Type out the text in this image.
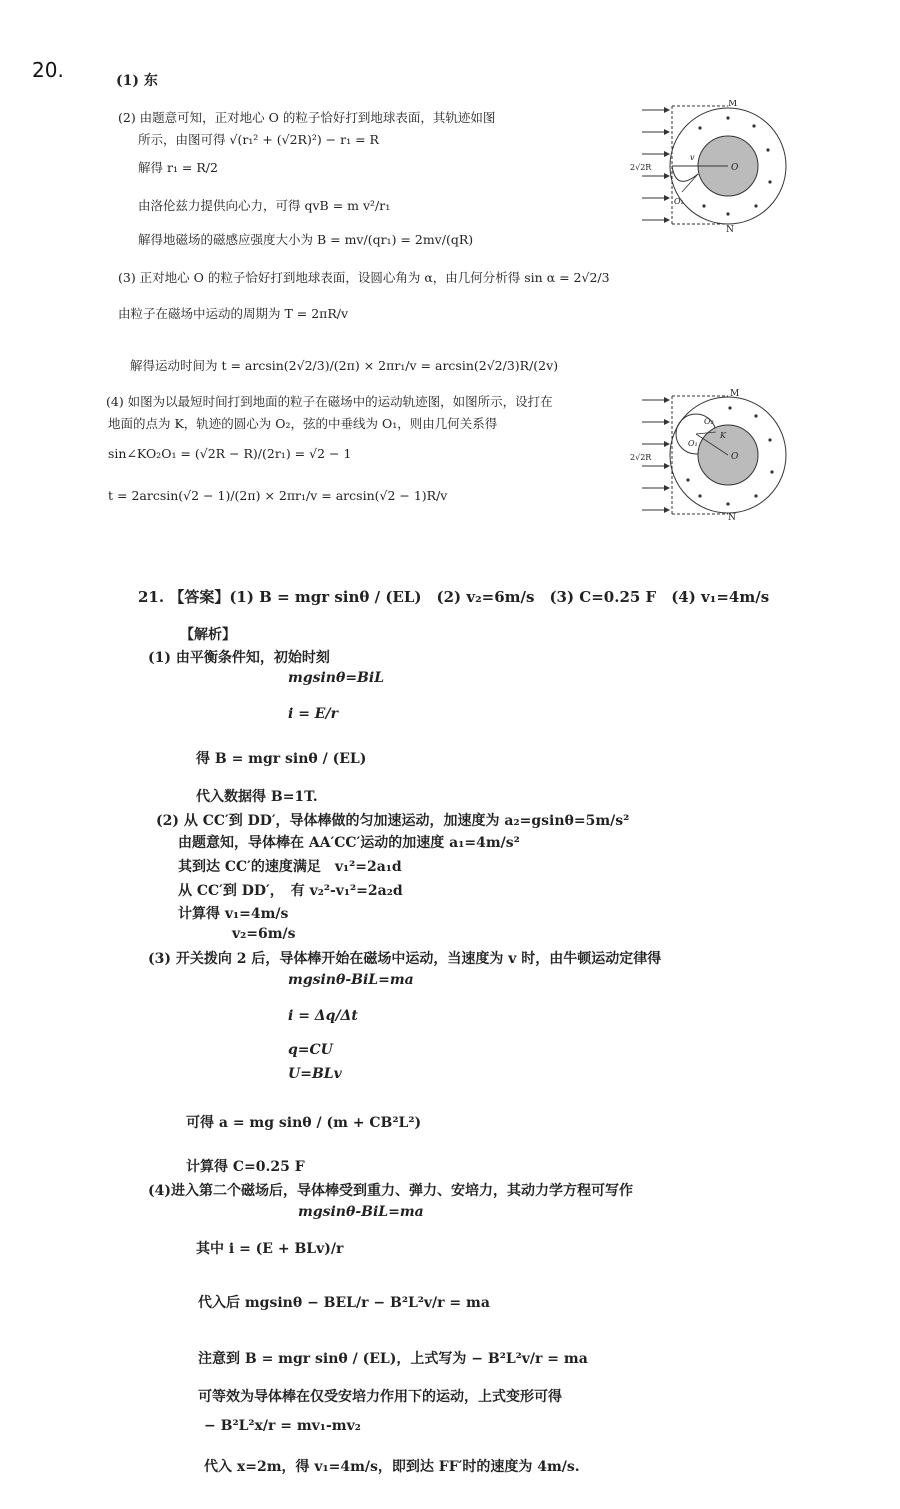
20.	(1) 东
(2) 由题意可知，正对地心 O 的粒子恰好打到地球表面，其轨迹如图
所示，由图可得 √(r₁² + (√2R)²) − r₁ = R
解得 r₁ = R/2
由洛伦兹力提供向心力，可得 qvB = m v²/r₁
解得地磁场的磁感应强度大小为 B = mv/(qr₁) = 2mv/(qR)
(3) 正对地心 O 的粒子恰好打到地球表面，设圆心角为 α，由几何分析得 sin α = 2√2/3
由粒子在磁场中运动的周期为 T = 2πR/v
解得运动时间为 t = arcsin(2√2/3)/(2π) × 2πr₁/v = arcsin(2√2/3)R/(2v)
(4) 如图为以最短时间打到地面的粒子在磁场中的运动轨迹图，如图所示，设打在
地面的点为 K，轨迹的圆心为 O₂，弦的中垂线为 O₁，则由几何关系得
sin∠KO₂O₁ = (√2R − R)/(2r₁) = √2 − 1
t = 2arcsin(√2 − 1)/(2π) × 2πr₁/v = arcsin(√2 − 1)R/v
M
N
O
O₁
v
2√2R
M
N
O
O₁
O₂
K
2√2R
21. 【答案】(1) B = mgr sinθ / (EL)　(2) v₂=6m/s　(3) C=0.25 F　(4) v₁=4m/s
【解析】
(1) 由平衡条件知，初始时刻
mgsinθ=BiL
i = E/r
得 B = mgr sinθ / (EL)
代入数据得 B=1T.
(2) 从 CC′到 DD′，导体棒做的匀加速运动，加速度为 a₂=gsinθ=5m/s²
由题意知，导体棒在 AA′CC′运动的加速度 a₁=4m/s²
其到达 CC′的速度满足　v₁²=2a₁d
从 CC′到 DD′，　有 v₂²-v₁²=2a₂d
计算得 v₁=4m/s
v₂=6m/s
(3) 开关拨向 2 后，导体棒开始在磁场中运动，当速度为 v 时，由牛顿运动定律得
mgsinθ-BiL=ma
i = Δq/Δt
q=CU
U=BLv
可得 a = mg sinθ / (m + CB²L²)
计算得 C=0.25 F
(4)进入第二个磁场后，导体棒受到重力、弹力、安培力，其动力学方程可写作
mgsinθ-BiL=ma
其中 i = (E + BLv)/r
代入后 mgsinθ − BEL/r − B²L²v/r = ma
注意到 B = mgr sinθ / (EL)，上式写为 − B²L²v/r = ma
可等效为导体棒在仅受安培力作用下的运动，上式变形可得
− B²L²x/r = mv₁-mv₂
代入 x=2m，得 v₁=4m/s，即到达 FF′时的速度为 4m/s.
